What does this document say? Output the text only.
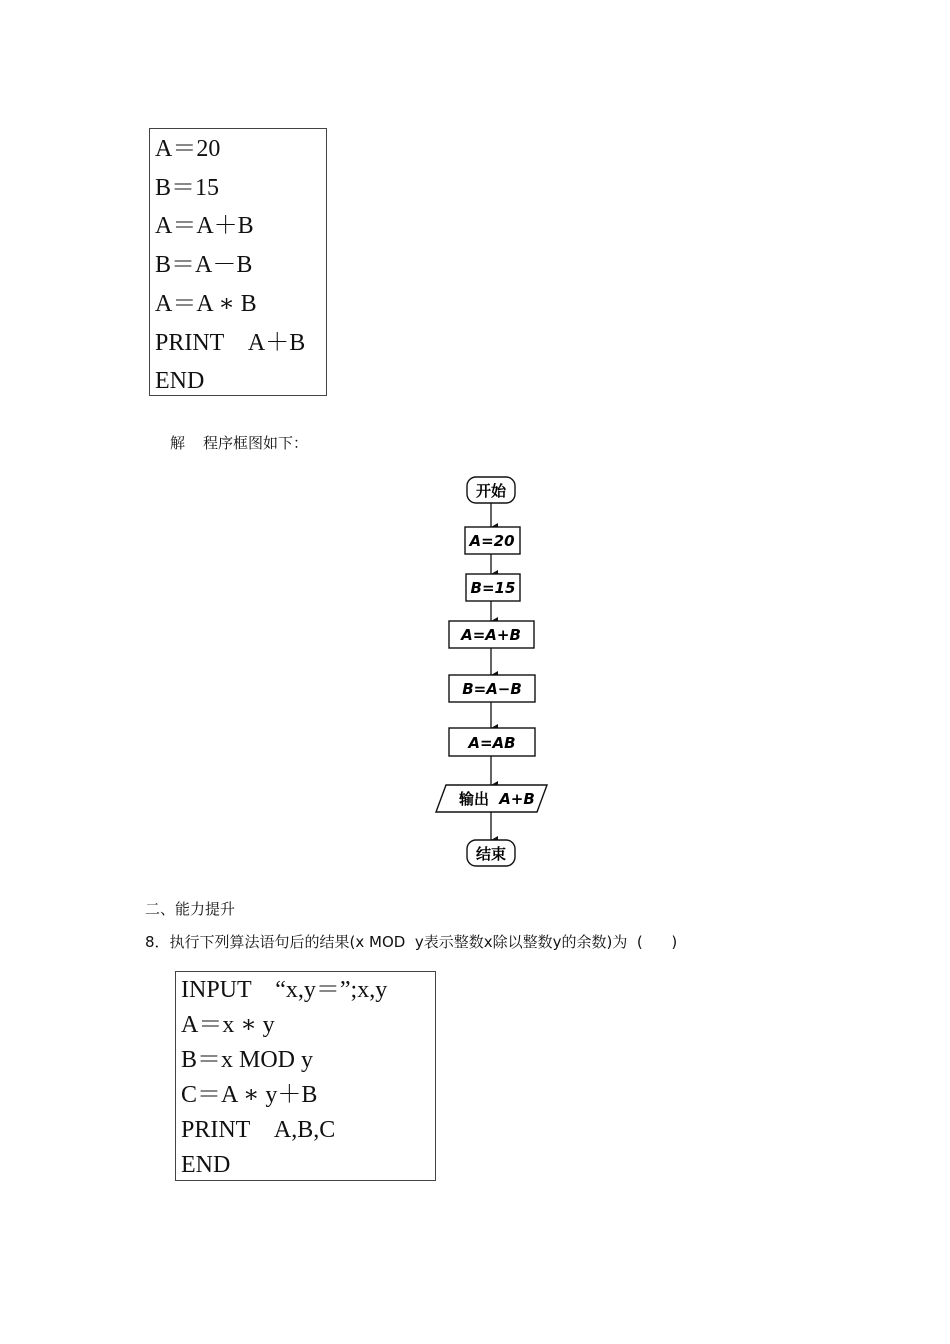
A＝20
B＝15
A＝A＋B
B＝A－B
A＝A ∗ B
PRINT　A＋B
END
解 程序框图如下：
开始
A=20
B=15
A=A+B
B=A−B
A=AB
输出 A+B
结束
二、能力提升
8．执行下列算法语句后的结果(x MOD  y表示整数x除以整数y的余数)为  (      )
INPUT　“x,y＝”;x,y
A＝x ∗ y
B＝x MOD y
C＝A ∗ y＋B
PRINT　A,B,C
END
